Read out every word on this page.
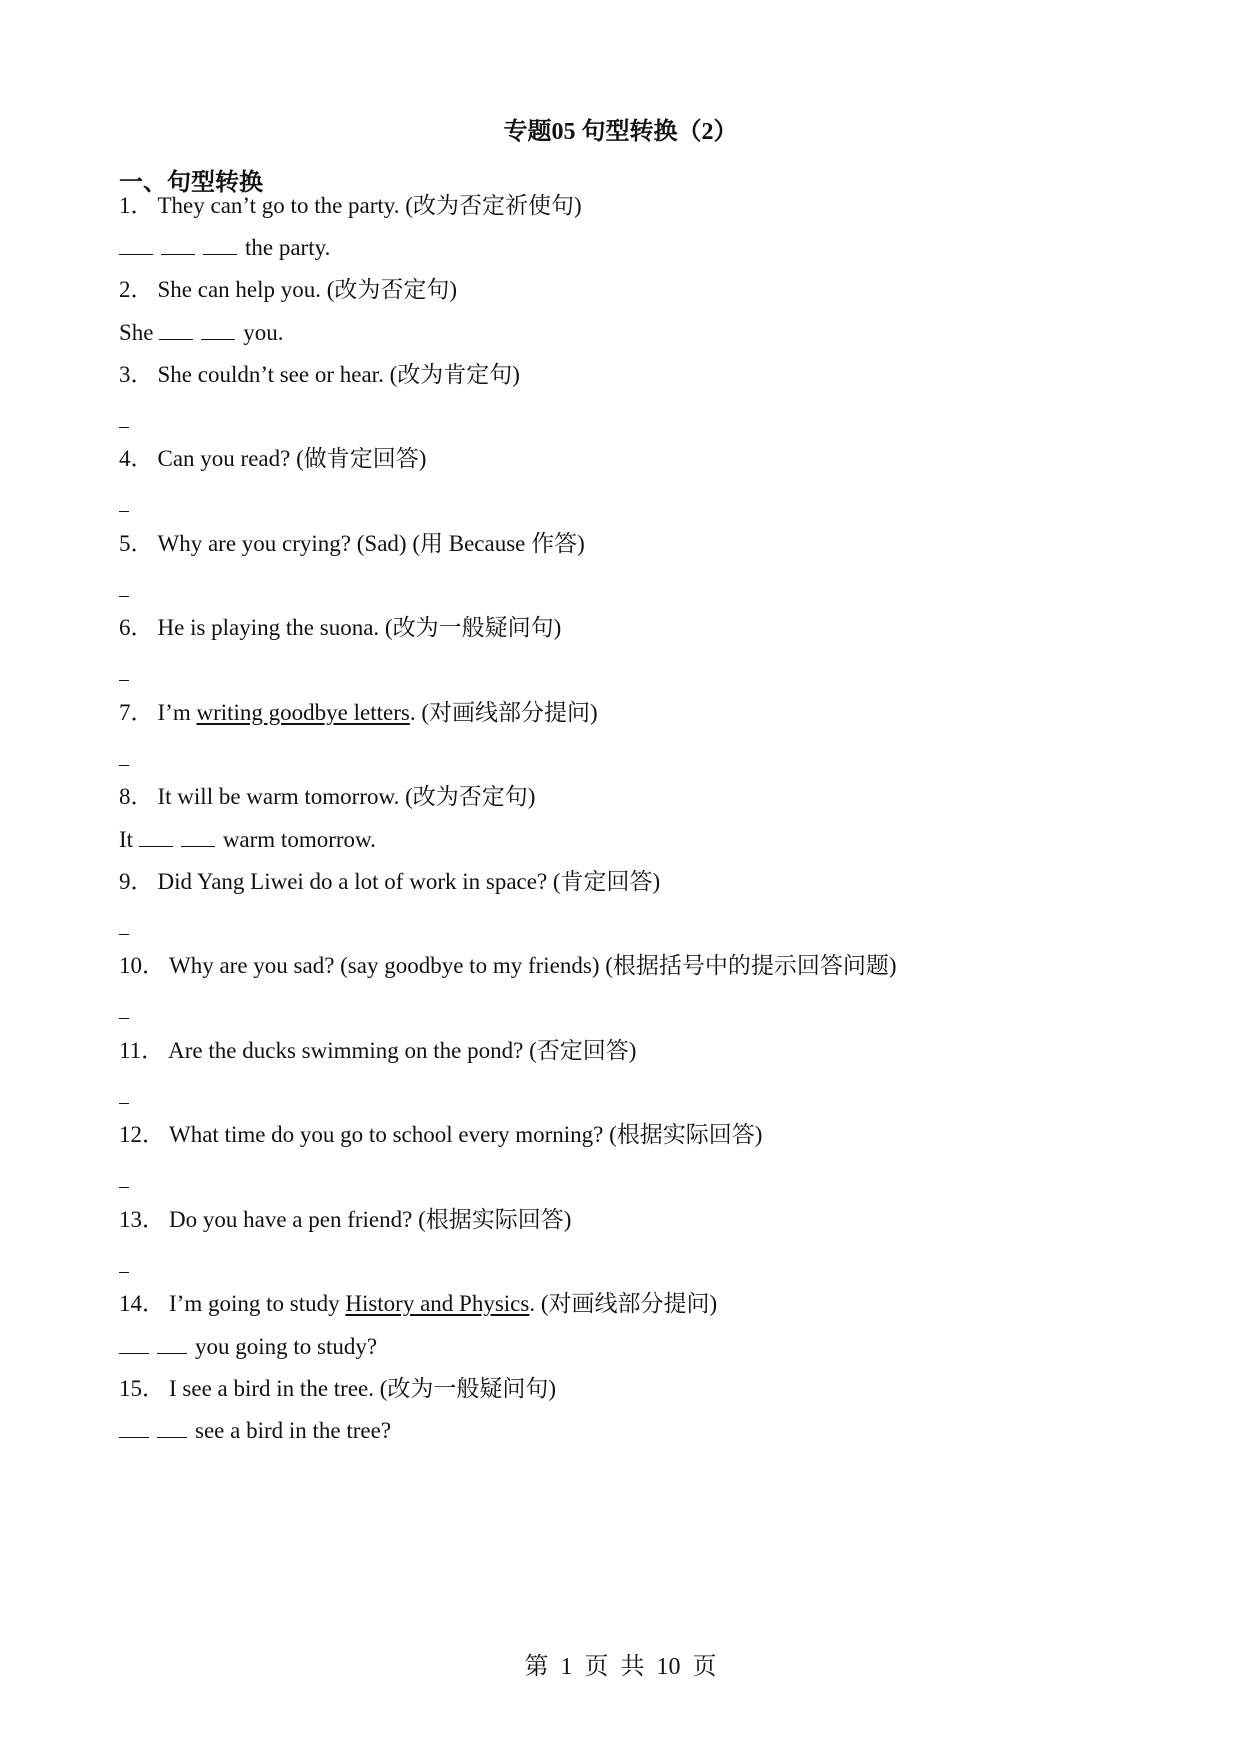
专题05 句型转换（2）
一、句型转换
1． They can’t go to the party. (改为否定祈使句)
the party.
2． She can help you. (改为否定句)
She	you.
3． She couldn’t see or hear. (改为肯定句)
4． Can you read? (做肯定回答)
5． Why are you crying? (Sad) (用 Because 作答)
6． He is playing the suona. (改为一般疑问句)
7． I’m writing goodbye letters. (对画线部分提问)
8． It will be warm tomorrow. (改为否定句)
It	warm tomorrow.
9． Did Yang Liwei do a lot of work in space? (肯定回答)
10． Why are you sad? (say goodbye to my friends) (根据括号中的提示回答问题)
11． Are the ducks swimming on the pond? (否定回答)
12． What time do you go to school every morning? (根据实际回答)
13． Do you have a pen friend? (根据实际回答)
14． I’m going to study History and Physics. (对画线部分提问)
you going to study?
15． I see a bird in the tree. (改为一般疑问句)
see a bird in the tree?
第 1 页 共 10 页
